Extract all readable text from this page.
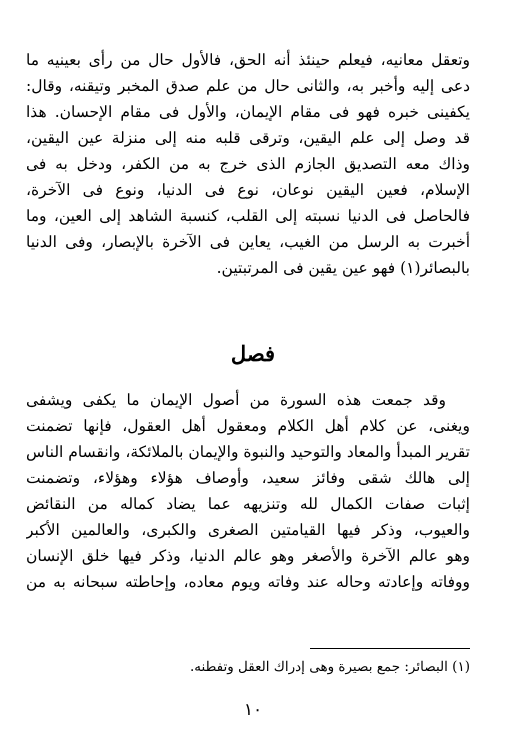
وتعقل معانيه، فيعلم حينئذ أنه الحق، فالأول حال من رأى بعينيه ما
دعى إليه وأخبر به، والثانى حال من علم صدق المخبر وتيقنه، وقال:
يكفينى خبره فهو فى مقام الإيمان، والأول فى مقام الإحسان. هذا
قد وصل إلى علم اليقين، وترقى قلبه منه إلى منزلة عين اليقين،
وذاك معه التصديق الجازم الذى خرج به من الكفر، ودخل به فى
الإسلام، فعين اليقين نوعان، نوع فى الدنيا، ونوع فى الآخرة،
فالحاصل فى الدنيا نسبته إلى القلب، كنسبة الشاهد إلى العين، وما
أخبرت به الرسل من الغيب، يعاين فى الآخرة بالإبصار، وفى الدنيا
بالبصائر(١) فهو عين يقين فى المرتبتين.
فصل
وقد جمعت هذه السورة من أصول الإيمان ما يكفى ويشفى
ويغنى، عن كلام أهل الكلام ومعقول أهل العقول، فإنها تضمنت
تقرير المبدأ والمعاد والتوحيد والنبوة والإيمان بالملائكة، وانقسام الناس
إلى هالك شقى وفائز سعيد، وأوصاف هؤلاء وهؤلاء، وتضمنت
إثبات صفات الكمال لله وتنزيهه عما يضاد كماله من النقائض
والعيوب، وذكر فيها القيامتين الصغرى والكبرى، والعالمين الأكبر
وهو عالم الآخرة والأصغر وهو عالم الدنيا، وذكر فيها خلق الإنسان
ووفاته وإعادته وحاله عند وفاته ويوم معاده، وإحاطته سبحانه به من
(١) البصائر: جمع بصيرة وهى إدراك العقل وتفطنه.
١٠
